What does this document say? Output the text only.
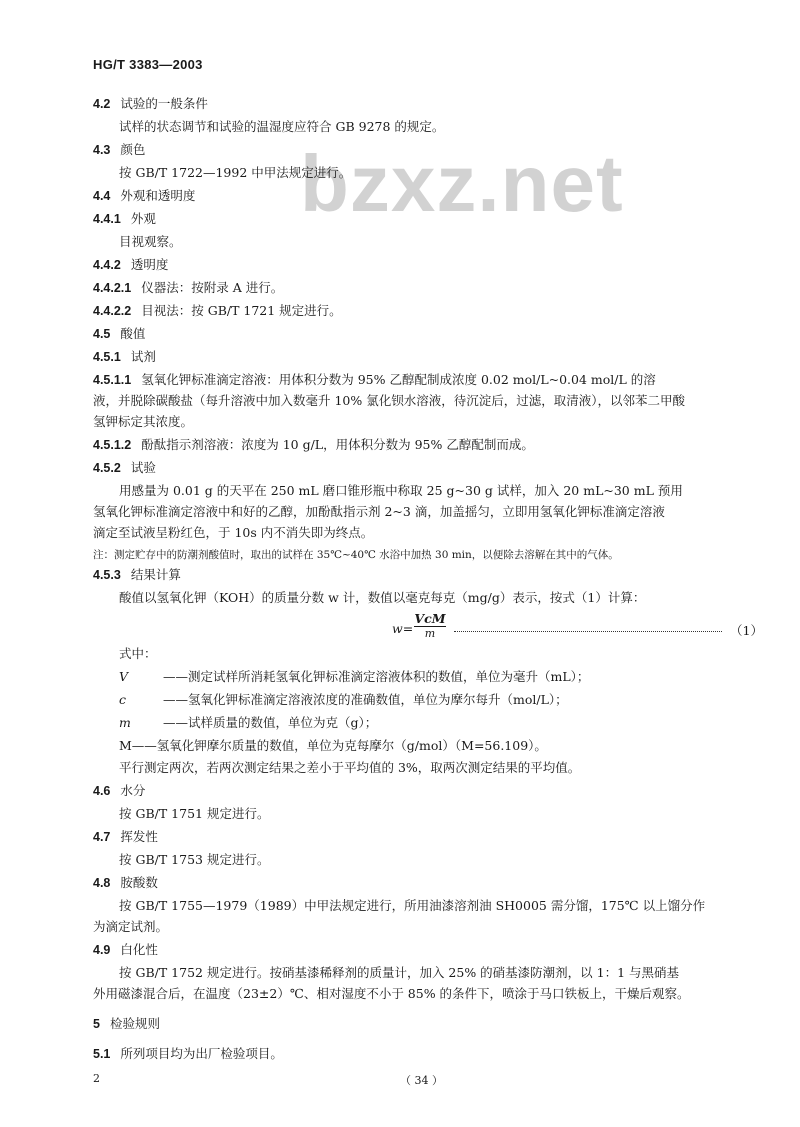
HG/T 3383—2003
bzxz.net
4.2 试验的一般条件
试样的状态调节和试验的温湿度应符合 GB 9278 的规定。
4.3 颜色
按 GB/T 1722—1992 中甲法规定进行。
4.4 外观和透明度
4.4.1 外观
目视观察。
4.4.2 透明度
4.4.2.1 仪器法：按附录 A 进行。
4.4.2.2 目视法：按 GB/T 1721 规定进行。
4.5 酸值
4.5.1 试剂
4.5.1.1 氢氧化钾标准滴定溶液：用体积分数为 95% 乙醇配制成浓度 0.02 mol/L~0.04 mol/L 的溶
液，并脱除碳酸盐（每升溶液中加入数毫升 10% 氯化钡水溶液，待沉淀后，过滤，取清液），以邻苯二甲酸
氢钾标定其浓度。
4.5.1.2 酚酞指示剂溶液：浓度为 10 g/L，用体积分数为 95% 乙醇配制而成。
4.5.2 试验
用感量为 0.01 g 的天平在 250 mL 磨口锥形瓶中称取 25 g~30 g 试样，加入 20 mL~30 mL 预用
氢氧化钾标准滴定溶液中和好的乙醇，加酚酞指示剂 2~3 滴，加盖摇匀，立即用氢氧化钾标准滴定溶液
滴定至试液呈粉红色，于 10s 内不消失即为终点。
注：测定贮存中的防潮剂酸值时，取出的试样在 35℃~40℃ 水浴中加热 30 min，以便除去溶解在其中的气体。
4.5.3 结果计算
酸值以氢氧化钾（KOH）的质量分数 w 计，数值以毫克每克（mg/g）表示，按式（1）计算：
式中：
V	——测定试样所消耗氢氧化钾标准滴定溶液体积的数值，单位为毫升（mL）；
c	——氢氧化钾标准滴定溶液浓度的准确数值，单位为摩尔每升（mol/L）；
m	——试样质量的数值，单位为克（g）；
M——氢氧化钾摩尔质量的数值，单位为克每摩尔（g/mol）（M=56.109）。
平行测定两次，若两次测定结果之差小于平均值的 3%，取两次测定结果的平均值。
4.6 水分
按 GB/T 1751 规定进行。
4.7 挥发性
按 GB/T 1753 规定进行。
4.8 胺酸数
按 GB/T 1755—1979（1989）中甲法规定进行，所用油漆溶剂油 SH0005 需分馏，175℃ 以上馏分作
为滴定试剂。
4.9 白化性
按 GB/T 1752 规定进行。按硝基漆稀释剂的质量计，加入 25% 的硝基漆防潮剂，以 1：1 与黑硝基
外用磁漆混合后，在温度（23±2）℃、相对湿度不小于 85% 的条件下，喷涂于马口铁板上，干燥后观察。
5 检验规则
5.1 所列项目均为出厂检验项目。
w=
VcM
m	（1）
2	（ 34 ）
